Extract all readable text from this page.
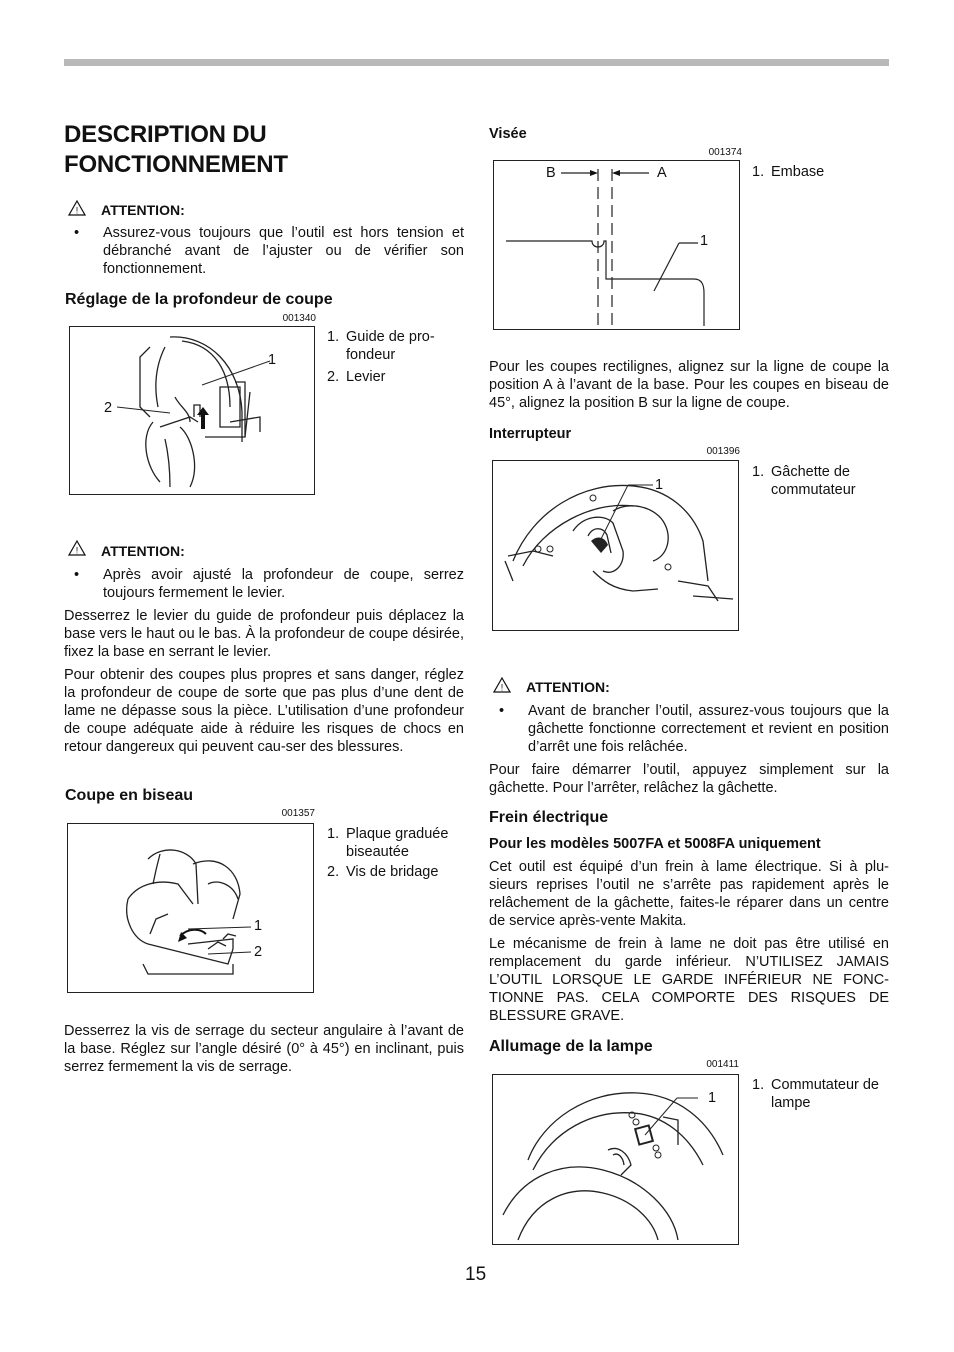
DESCRIPTION DU FONCTIONNEMENT
! ATTENTION:
• Assurez-vous toujours que l’outil est hors tension et débranché avant de l’ajuster ou de vérifier son fonctionnement.
Réglage de la profondeur de coupe
001340
1
2
1. Guide de pro-fondeur
2. Levier
! ATTENTION:
• Après avoir ajusté la profondeur de coupe, serrez toujours fermement le levier.
Desserrez le levier du guide de profondeur puis déplacez la base vers le haut ou le bas. À la profondeur de coupe désirée, fixez la base en serrant le levier.
Pour obtenir des coupes plus propres et sans danger, réglez la profondeur de coupe de sorte que pas plus d’une dent de lame ne dépasse sous la pièce. L’utilisation d’une profondeur de coupe adéquate aide à réduire les risques de chocs en retour dangereux qui peuvent cau-ser des blessures.
Coupe en biseau
001357
1
2
1. Plaque graduée biseautée
2. Vis de bridage
Desserrez la vis de serrage du secteur angulaire à l’avant de la base. Réglez sur l’angle désiré (0° à 45°) en inclinant, puis serrez fermement la vis de serrage.
Visée
001374
B	A
1
1. Embase
Pour les coupes rectilignes, alignez sur la ligne de coupe la position A à l’avant de la base. Pour les coupes en biseau de 45°, alignez la position B sur la ligne de coupe.
Interrupteur
001396
1
1. Gâchette de commutateur
! ATTENTION:
• Avant de brancher l’outil, assurez-vous toujours que la gâchette fonctionne correctement et revient en position d’arrêt une fois relâchée.
Pour faire démarrer l’outil, appuyez simplement sur la gâchette. Pour l’arrêter, relâchez la gâchette.
Frein électrique
Pour les modèles 5007FA et 5008FA uniquement
Cet outil est équipé d’un frein à lame électrique. Si à plu-sieurs reprises l’outil ne s’arrête pas rapidement après le relâchement de la gâchette, faites-le réparer dans un centre de service après-vente Makita.
Le mécanisme de frein à lame ne doit pas être utilisé en remplacement du garde inférieur. N’UTILISEZ JAMAIS L’OUTIL LORSQUE LE GARDE INFÉRIEUR NE FONC-TIONNE PAS. CELA COMPORTE DES RISQUES DE BLESSURE GRAVE.
Allumage de la lampe
001411
1
1. Commutateur de lampe
15
